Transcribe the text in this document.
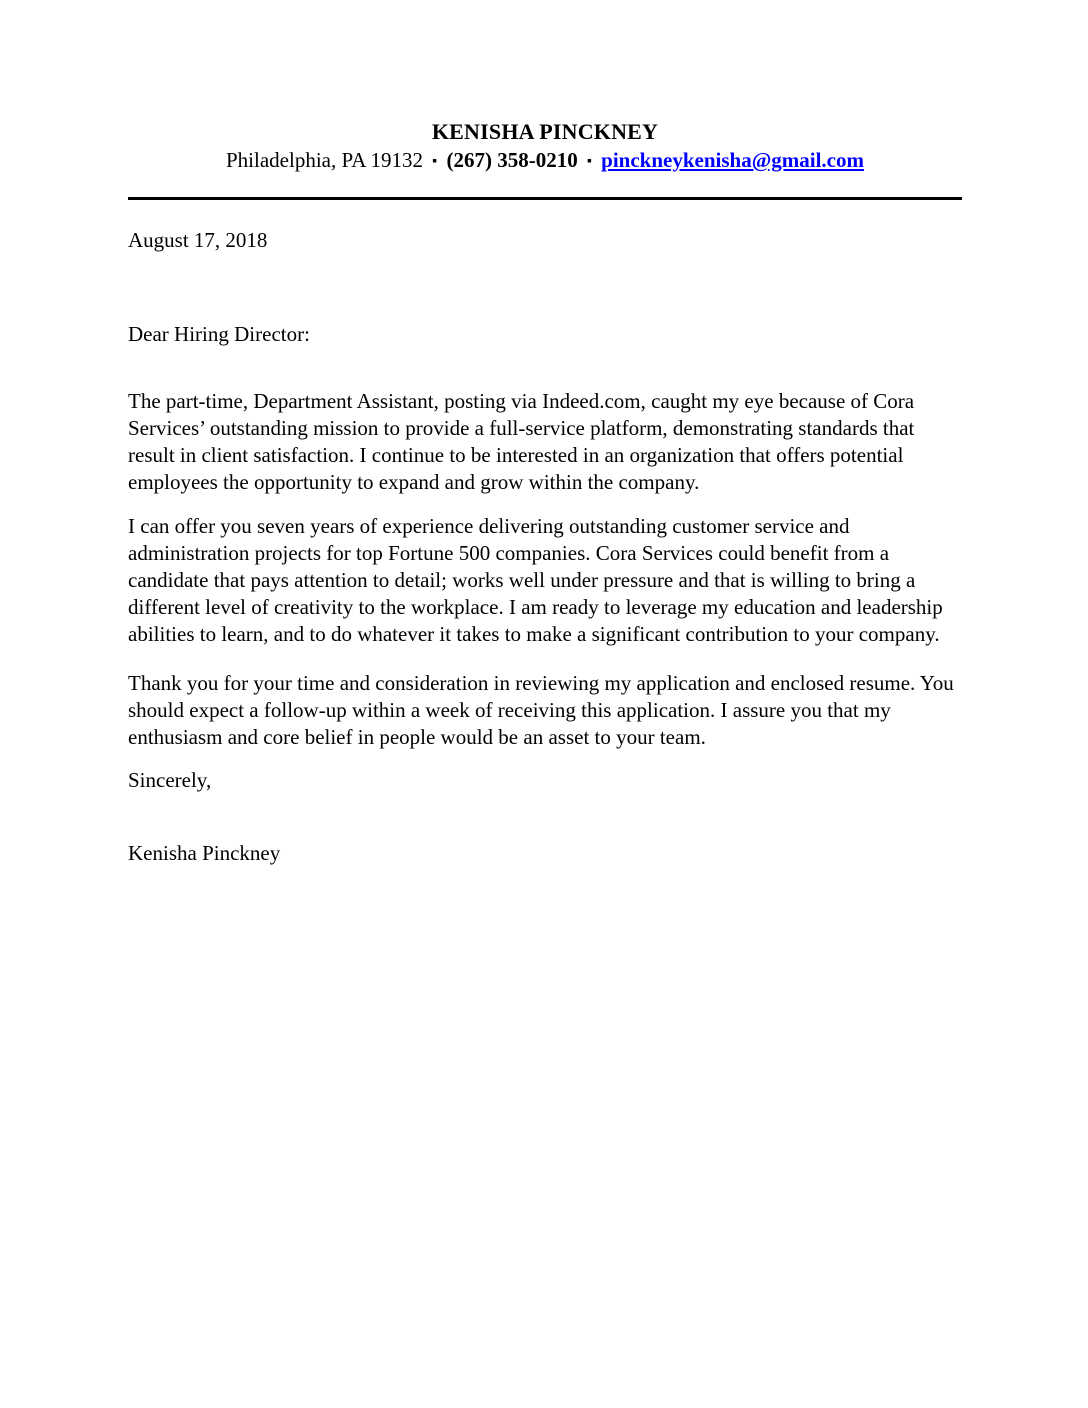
KENISHA PINCKNEY
Philadelphia, PA 19132 ▪ (267) 358-0210 ▪ pinckneykenisha@gmail.com
August 17, 2018
Dear Hiring Director:

The part-time, Department Assistant, posting via Indeed.com, caught my eye because of Cora Services’ outstanding mission to provide a full-service platform, demonstrating standards that result in client satisfaction. I continue to be interested in an organization that offers potential employees the opportunity to expand and grow within the company.

I can offer you seven years of experience delivering outstanding customer service and administration projects for top Fortune 500 companies. Cora Services could benefit from a candidate that pays attention to detail; works well under pressure and that is willing to bring a different level of creativity to the workplace. I am ready to leverage my education and leadership abilities to learn, and to do whatever it takes to make a significant contribution to your company.

Thank you for your time and consideration in reviewing my application and enclosed resume. You should expect a follow-up within a week of receiving this application. I assure you that my enthusiasm and core belief in people would be an asset to your team.

Sincerely,
Kenisha Pinckney
